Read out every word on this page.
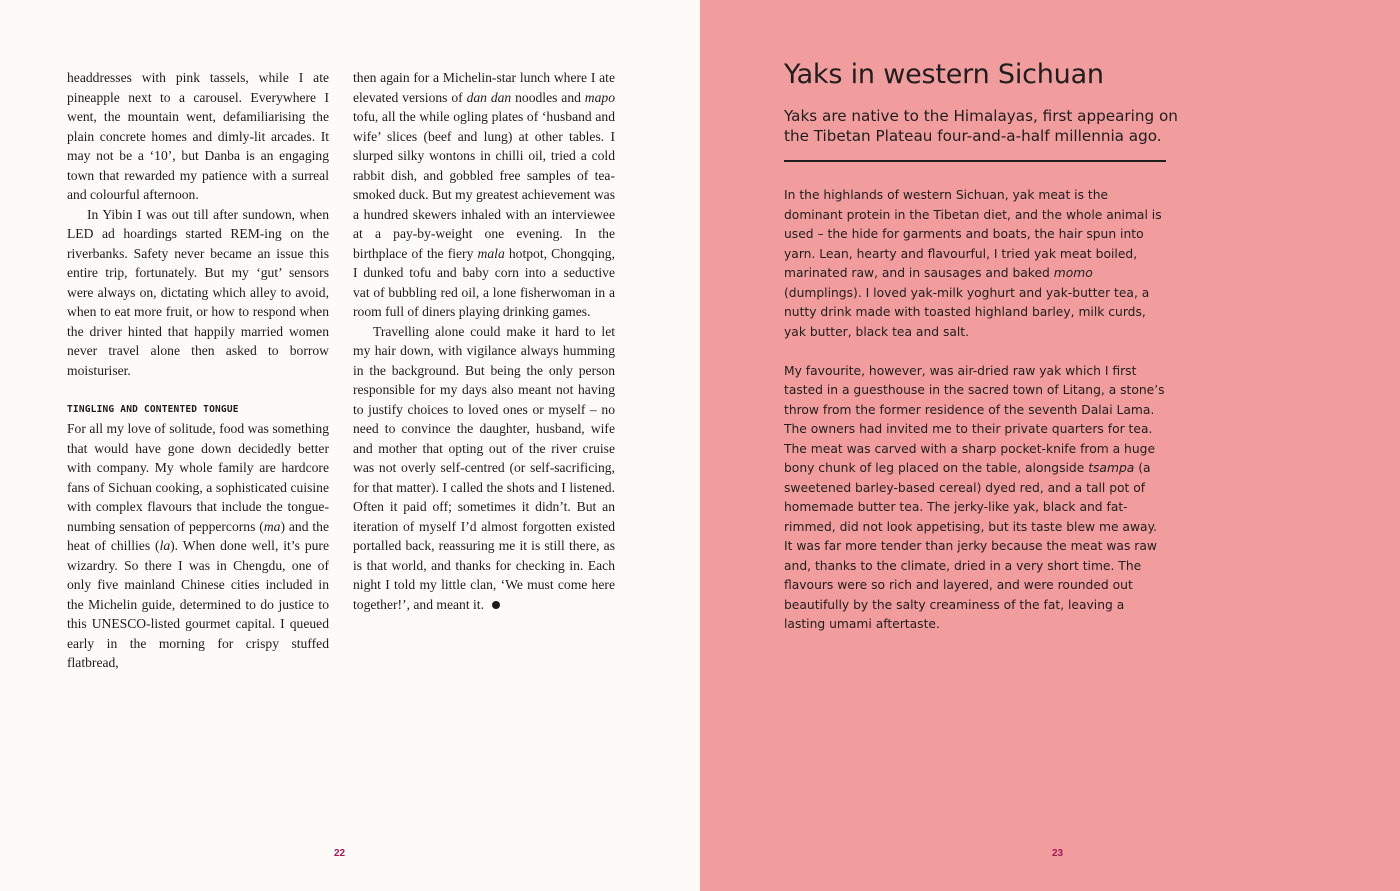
headdresses with pink tassels, while I ate pineapple next to a carousel. Everywhere I went, the mountain went, defamiliarising the plain concrete homes and dimly-lit arcades. It may not be a ‘10’, but Danba is an engaging town that rewarded my patience with a surreal and colourful afternoon.

In Yibin I was out till after sundown, when LED ad hoardings started REM-ing on the riverbanks. Safety never became an issue this entire trip, fortunately. But my ‘gut’ sensors were always on, dictating which alley to avoid, when to eat more fruit, or how to respond when the driver hinted that happily married women never travel alone then asked to borrow moisturiser.

TINGLING AND CONTENTED TONGUE

For all my love of solitude, food was something that would have gone down decidedly better with company. My whole family are hardcore fans of Sichuan cooking, a sophisticated cuisine with complex flavours that include the tongue-numbing sensation of peppercorns (ma) and the heat of chillies (la). When done well, it’s pure wizardry. So there I was in Chengdu, one of only five mainland Chinese cities included in the Michelin guide, determined to do justice to this UNESCO-listed gourmet capital. I queued early in the morning for crispy stuffed flatbread,

then again for a Michelin-star lunch where I ate elevated versions of dan dan noodles and mapo tofu, all the while ogling plates of ‘husband and wife’ slices (beef and lung) at other tables. I slurped silky wontons in chilli oil, tried a cold rabbit dish, and gobbled free samples of tea-smoked duck. But my greatest achievement was a hundred skewers inhaled with an interviewee at a pay-by-weight one evening. In the birthplace of the fiery mala hotpot, Chongqing, I dunked tofu and baby corn into a seductive vat of bubbling red oil, a lone fisherwoman in a room full of diners playing drinking games.

Travelling alone could make it hard to let my hair down, with vigilance always humming in the background. But being the only person responsible for my days also meant not having to justify choices to loved ones or myself – no need to convince the daughter, husband, wife and mother that opting out of the river cruise was not overly self-centred (or self-sacrificing, for that matter). I called the shots and I listened. Often it paid off; sometimes it didn’t. But an iteration of myself I’d almost forgotten existed portalled back, reassuring me it is still there, as is that world, and thanks for checking in. Each night I told my little clan, ‘We must come here together!’, and meant it.

22
Yaks in western Sichuan
Yaks are native to the Himalayas, first appearing on the Tibetan Plateau four-and-a-half millennia ago.

In the highlands of western Sichuan, yak meat is the dominant protein in the Tibetan diet, and the whole animal is used – the hide for garments and boats, the hair spun into yarn. Lean, hearty and flavourful, I tried yak meat boiled, marinated raw, and in sausages and baked momo (dumplings). I loved yak-milk yoghurt and yak-butter tea, a nutty drink made with toasted highland barley, milk curds, yak butter, black tea and salt.

My favourite, however, was air-dried raw yak which I first tasted in a guesthouse in the sacred town of Litang, a stone’s throw from the former residence of the seventh Dalai Lama. The owners had invited me to their private quarters for tea. The meat was carved with a sharp pocket-knife from a huge bony chunk of leg placed on the table, alongside tsampa (a sweetened barley-based cereal) dyed red, and a tall pot of homemade butter tea. The jerky-like yak, black and fat-rimmed, did not look appetising, but its taste blew me away. It was far more tender than jerky because the meat was raw and, thanks to the climate, dried in a very short time. The flavours were so rich and layered, and were rounded out beautifully by the salty creaminess of the fat, leaving a lasting umami aftertaste.

23
